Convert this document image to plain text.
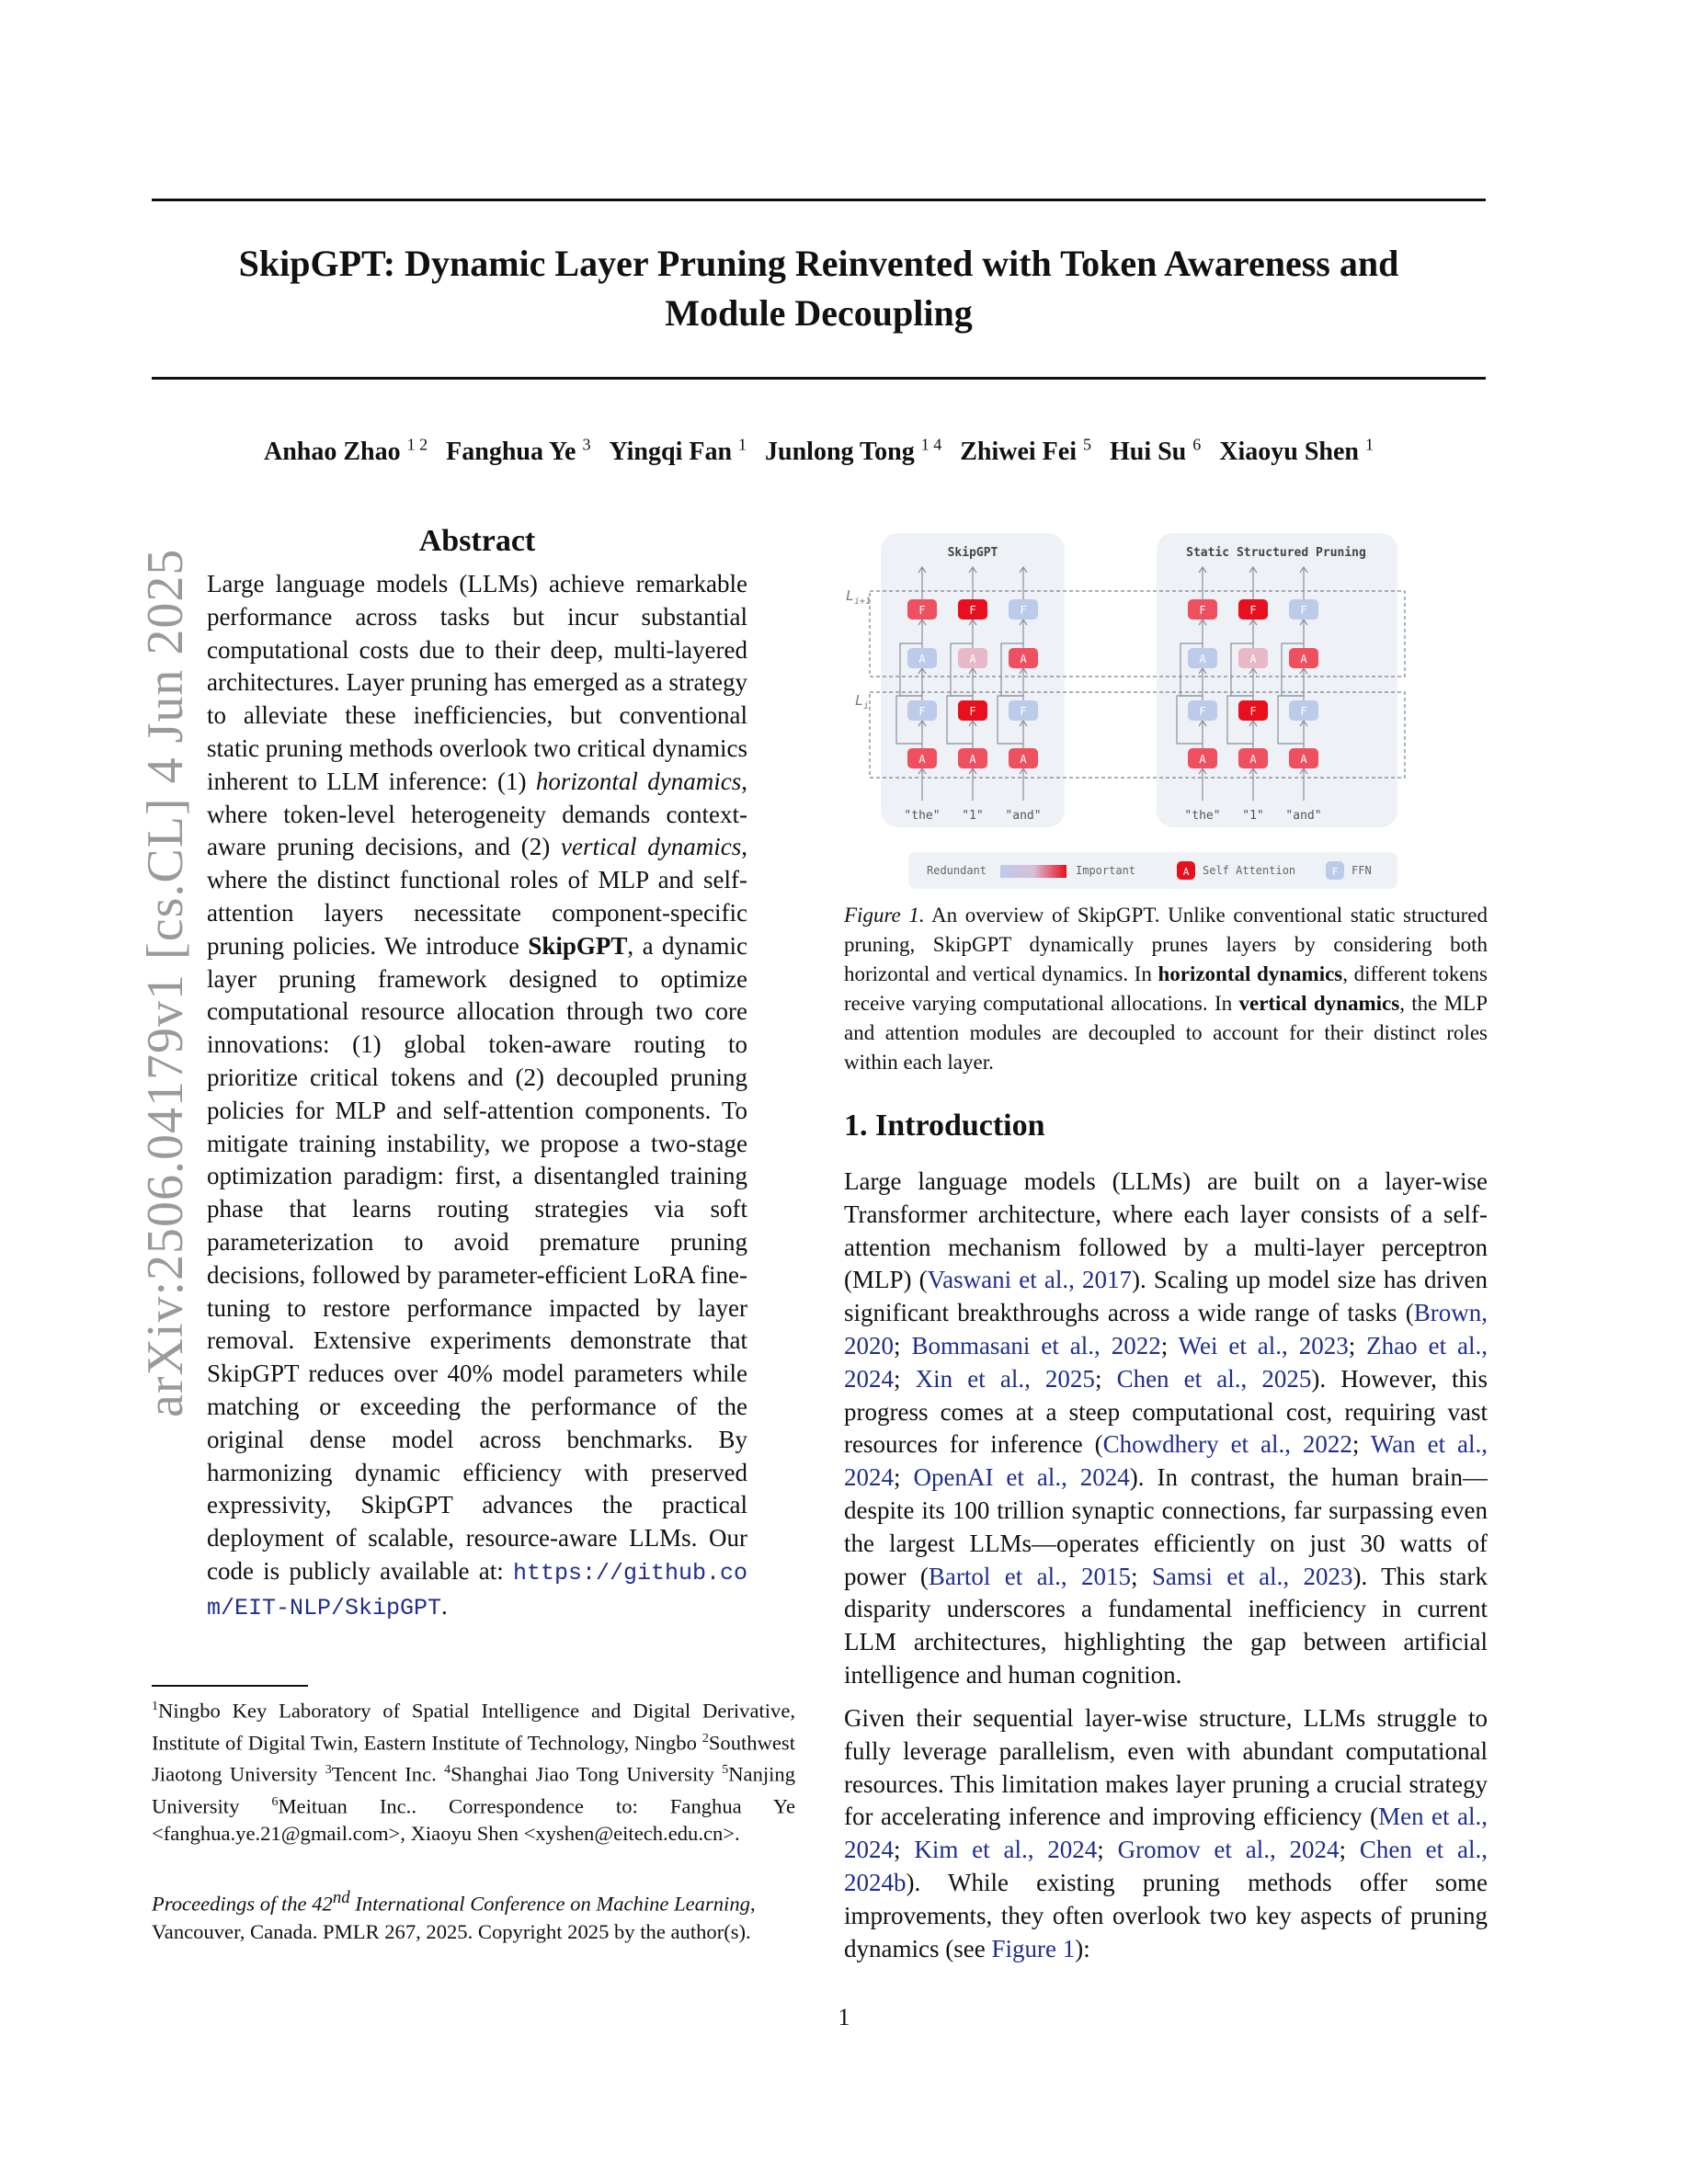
arXiv:2506.04179v1 [cs.CL] 4 Jun 2025
SkipGPT: Dynamic Layer Pruning Reinvented with Token Awareness and
Module Decoupling
Anhao Zhao $^{1 2}$ Fanghua Ye $^3$ Yingqi Fan $^1$ Junlong Tong $^{1 4}$ Zhiwei Fei $^5$ Hui Su $^6$ Xiaoyu Shen $^1$
Abstract
Large language models (LLMs) achieve remarkable performance across tasks but incur substantial computational costs due to their deep, multi-layered architectures. Layer pruning has emerged as a strategy to alleviate these inefficiencies, but conventional static pruning methods overlook two critical dynamics inherent to LLM inference: (1) horizontal dynamics, where token-level heterogeneity demands context-aware pruning decisions, and (2) vertical dynamics, where the distinct functional roles of MLP and self-attention layers necessitate component-specific pruning policies. We introduce SkipGPT, a dynamic layer pruning framework designed to optimize computational resource allocation through two core innovations: (1) global token-aware routing to prioritize critical tokens and (2) decoupled pruning policies for MLP and self-attention components. To mitigate training instability, we propose a two-stage optimization paradigm: first, a disentangled training phase that learns routing strategies via soft parameterization to avoid premature pruning decisions, followed by parameter-efficient LoRA fine-tuning to restore performance impacted by layer removal. Extensive experiments demonstrate that SkipGPT reduces over 40% model parameters while matching or exceeding the performance of the original dense model across benchmarks. By harmonizing dynamic efficiency with preserved expressivity, SkipGPT advances the practical deployment of scalable, resource-aware LLMs. Our code is publicly available at: https://github.com/EIT-NLP/SkipGPT.
$^1$Ningbo Key Laboratory of Spatial Intelligence and Digital Derivative, Institute of Digital Twin, Eastern Institute of Technology, Ningbo $^2$Southwest Jiaotong University $^3$Tencent Inc. $^4$Shanghai Jiao Tong University $^5$Nanjing University $^6$Meituan Inc.. Correspondence to: Fanghua Ye <fanghua.ye.21@gmail.com>, Xiaoyu Shen <xyshen@eitech.edu.cn>.
Proceedings of the 42nd International Conference on Machine Learning, Vancouver, Canada. PMLR 267, 2025. Copyright 2025 by the author(s).
SkipGPT	Static Structured Pruning
$L_{i+1}$
$L_i$
F
A
F
A
"the"
F
A
F
A
"1"
F
A
F
A
"and"
F
A
F
A
"the"
F
A
F
A
"1"
F
A
F
A
"and"
Redundant	Important	A Self Attention	F FFN
Figure 1. An overview of SkipGPT. Unlike conventional static structured pruning, SkipGPT dynamically prunes layers by considering both horizontal and vertical dynamics. In horizontal dynamics, different tokens receive varying computational allocations. In vertical dynamics, the MLP and attention modules are decoupled to account for their distinct roles within each layer.
1. Introduction
Large language models (LLMs) are built on a layer-wise Transformer architecture, where each layer consists of a self-attention mechanism followed by a multi-layer perceptron (MLP) (Vaswani et al., 2017). Scaling up model size has driven significant breakthroughs across a wide range of tasks (Brown, 2020; Bommasani et al., 2022; Wei et al., 2023; Zhao et al., 2024; Xin et al., 2025; Chen et al., 2025). However, this progress comes at a steep computational cost, requiring vast resources for inference (Chowdhery et al., 2022; Wan et al., 2024; OpenAI et al., 2024). In contrast, the human brain—despite its 100 trillion synaptic connections, far surpassing even the largest LLMs—operates efficiently on just 30 watts of power (Bartol et al., 2015; Samsi et al., 2023). This stark disparity underscores a fundamental inefficiency in current LLM architectures, highlighting the gap between artificial intelligence and human cognition.
Given their sequential layer-wise structure, LLMs struggle to fully leverage parallelism, even with abundant computational resources. This limitation makes layer pruning a crucial strategy for accelerating inference and improving efficiency (Men et al., 2024; Kim et al., 2024; Gromov et al., 2024; Chen et al., 2024b). While existing pruning methods offer some improvements, they often overlook two key aspects of pruning dynamics (see Figure 1):
1
